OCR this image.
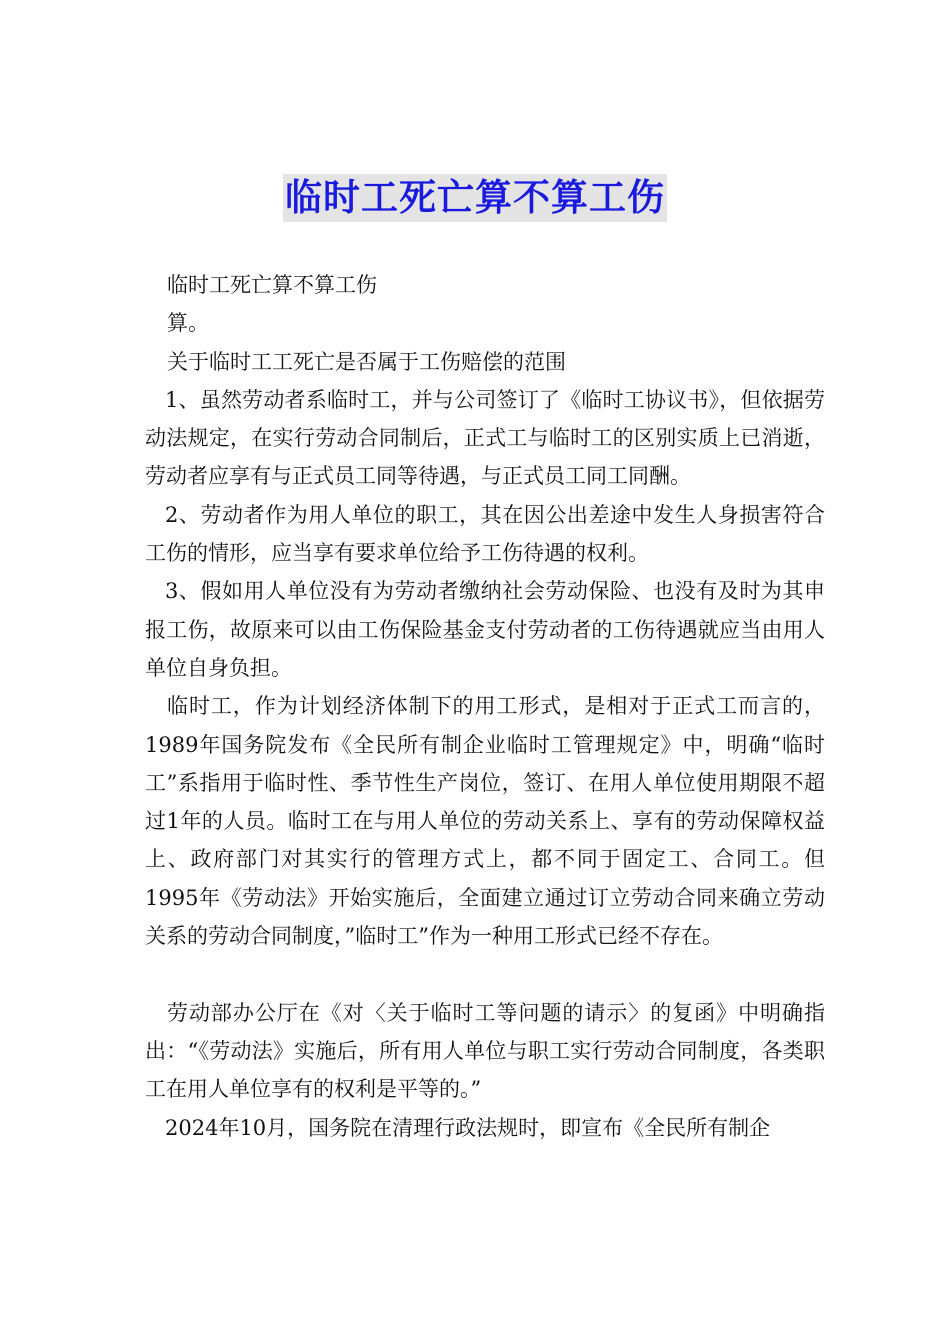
临时工死亡算不算工伤

临时工死亡算不算工伤

算。

关于临时工工死亡是否属于工伤赔偿的范围

1、虽然劳动者系临时工，并与公司签订了《临时工协议书》，但依据劳动法规定，在实行劳动合同制后，正式工与临时工的区别实质上已消逝，劳动者应享有与正式员工同等待遇，与正式员工同工同酬。

2、劳动者作为用人单位的职工，其在因公出差途中发生人身损害符合工伤的情形，应当享有要求单位给予工伤待遇的权利。

3、假如用人单位没有为劳动者缴纳社会劳动保险、也没有及时为其申报工伤，故原来可以由工伤保险基金支付劳动者的工伤待遇就应当由用人单位自身负担。

临时工，作为计划经济体制下的用工形式，是相对于正式工而言的，1989年国务院发布《全民所有制企业临时工管理规定》中，明确“临时工”系指用于临时性、季节性生产岗位，签订、在用人单位使用期限不超过1年的人员。临时工在与用人单位的劳动关系上、享有的劳动保障权益上、政府部门对其实行的管理方式上，都不同于固定工、合同工。但1995年《劳动法》开始实施后，全面建立通过订立劳动合同来确立劳动关系的劳动合同制度，”临时工”作为一种用工形式已经不存在。

劳动部办公厅在《对〈关于临时工等问题的请示〉的复函》中明确指出：“《劳动法》实施后，所有用人单位与职工实行劳动合同制度，各类职工在用人单位享有的权利是平等的。”

2024年10月，国务院在清理行政法规时，即宣布《全民所有制企
